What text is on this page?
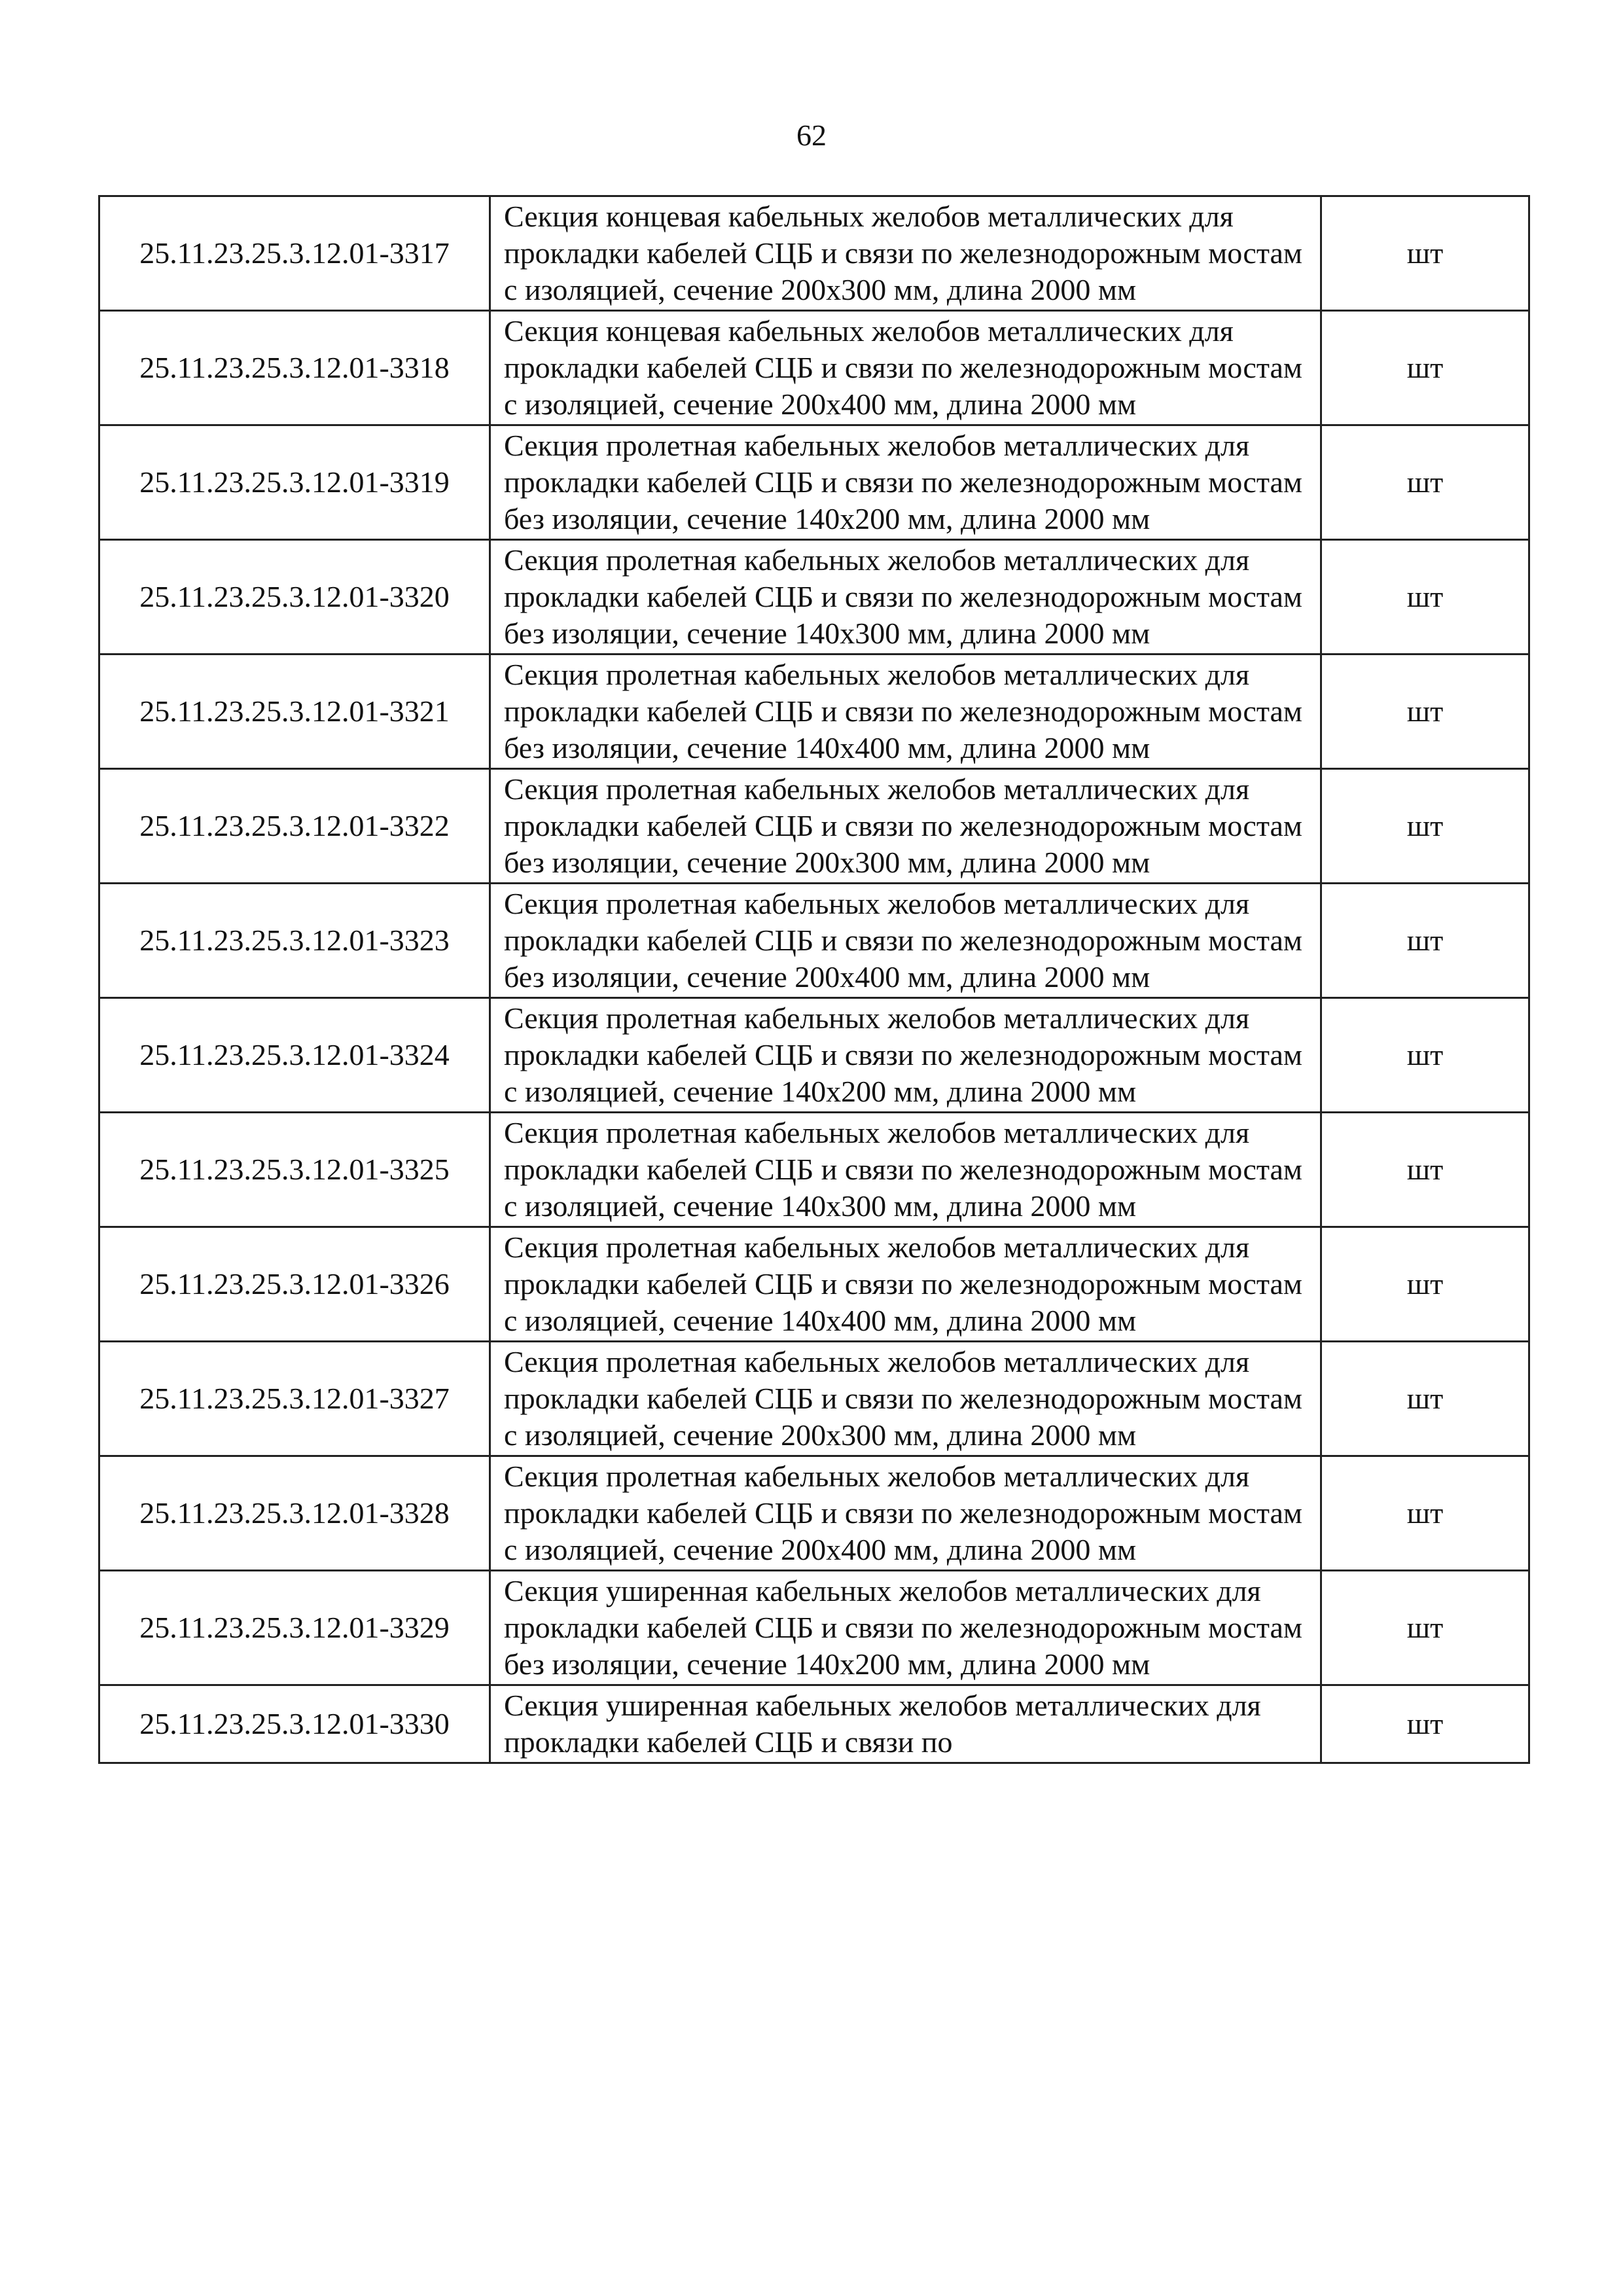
62
25.11.23.25.3.12.01-3317	Секция концевая кабельных желобов металлических для прокладки кабелей СЦБ и связи по железнодорожным мостам с изоляцией, сечение 200x300 мм, длина 2000 мм	шт
25.11.23.25.3.12.01-3318	Секция концевая кабельных желобов металлических для прокладки кабелей СЦБ и связи по железнодорожным мостам с изоляцией, сечение 200x400 мм, длина 2000 мм	шт
25.11.23.25.3.12.01-3319	Секция пролетная кабельных желобов металлических для прокладки кабелей СЦБ и связи по железнодорожным мостам без изоляции, сечение 140x200 мм, длина 2000 мм	шт
25.11.23.25.3.12.01-3320	Секция пролетная кабельных желобов металлических для прокладки кабелей СЦБ и связи по железнодорожным мостам без изоляции, сечение 140x300 мм, длина 2000 мм	шт
25.11.23.25.3.12.01-3321	Секция пролетная кабельных желобов металлических для прокладки кабелей СЦБ и связи по железнодорожным мостам без изоляции, сечение 140x400 мм, длина 2000 мм	шт
25.11.23.25.3.12.01-3322	Секция пролетная кабельных желобов металлических для прокладки кабелей СЦБ и связи по железнодорожным мостам без изоляции, сечение 200x300 мм, длина 2000 мм	шт
25.11.23.25.3.12.01-3323	Секция пролетная кабельных желобов металлических для прокладки кабелей СЦБ и связи по железнодорожным мостам без изоляции, сечение 200x400 мм, длина 2000 мм	шт
25.11.23.25.3.12.01-3324	Секция пролетная кабельных желобов металлических для прокладки кабелей СЦБ и связи по железнодорожным мостам с изоляцией, сечение 140x200 мм, длина 2000 мм	шт
25.11.23.25.3.12.01-3325	Секция пролетная кабельных желобов металлических для прокладки кабелей СЦБ и связи по железнодорожным мостам с изоляцией, сечение 140x300 мм, длина 2000 мм	шт
25.11.23.25.3.12.01-3326	Секция пролетная кабельных желобов металлических для прокладки кабелей СЦБ и связи по железнодорожным мостам с изоляцией, сечение 140x400 мм, длина 2000 мм	шт
25.11.23.25.3.12.01-3327	Секция пролетная кабельных желобов металлических для прокладки кабелей СЦБ и связи по железнодорожным мостам с изоляцией, сечение 200x300 мм, длина 2000 мм	шт
25.11.23.25.3.12.01-3328	Секция пролетная кабельных желобов металлических для прокладки кабелей СЦБ и связи по железнодорожным мостам с изоляцией, сечение 200x400 мм, длина 2000 мм	шт
25.11.23.25.3.12.01-3329	Секция уширенная кабельных желобов металлических для прокладки кабелей СЦБ и связи по железнодорожным мостам без изоляции, сечение 140x200 мм, длина 2000 мм	шт
25.11.23.25.3.12.01-3330	Секция уширенная кабельных желобов металлических для прокладки кабелей СЦБ и связи по	шт
